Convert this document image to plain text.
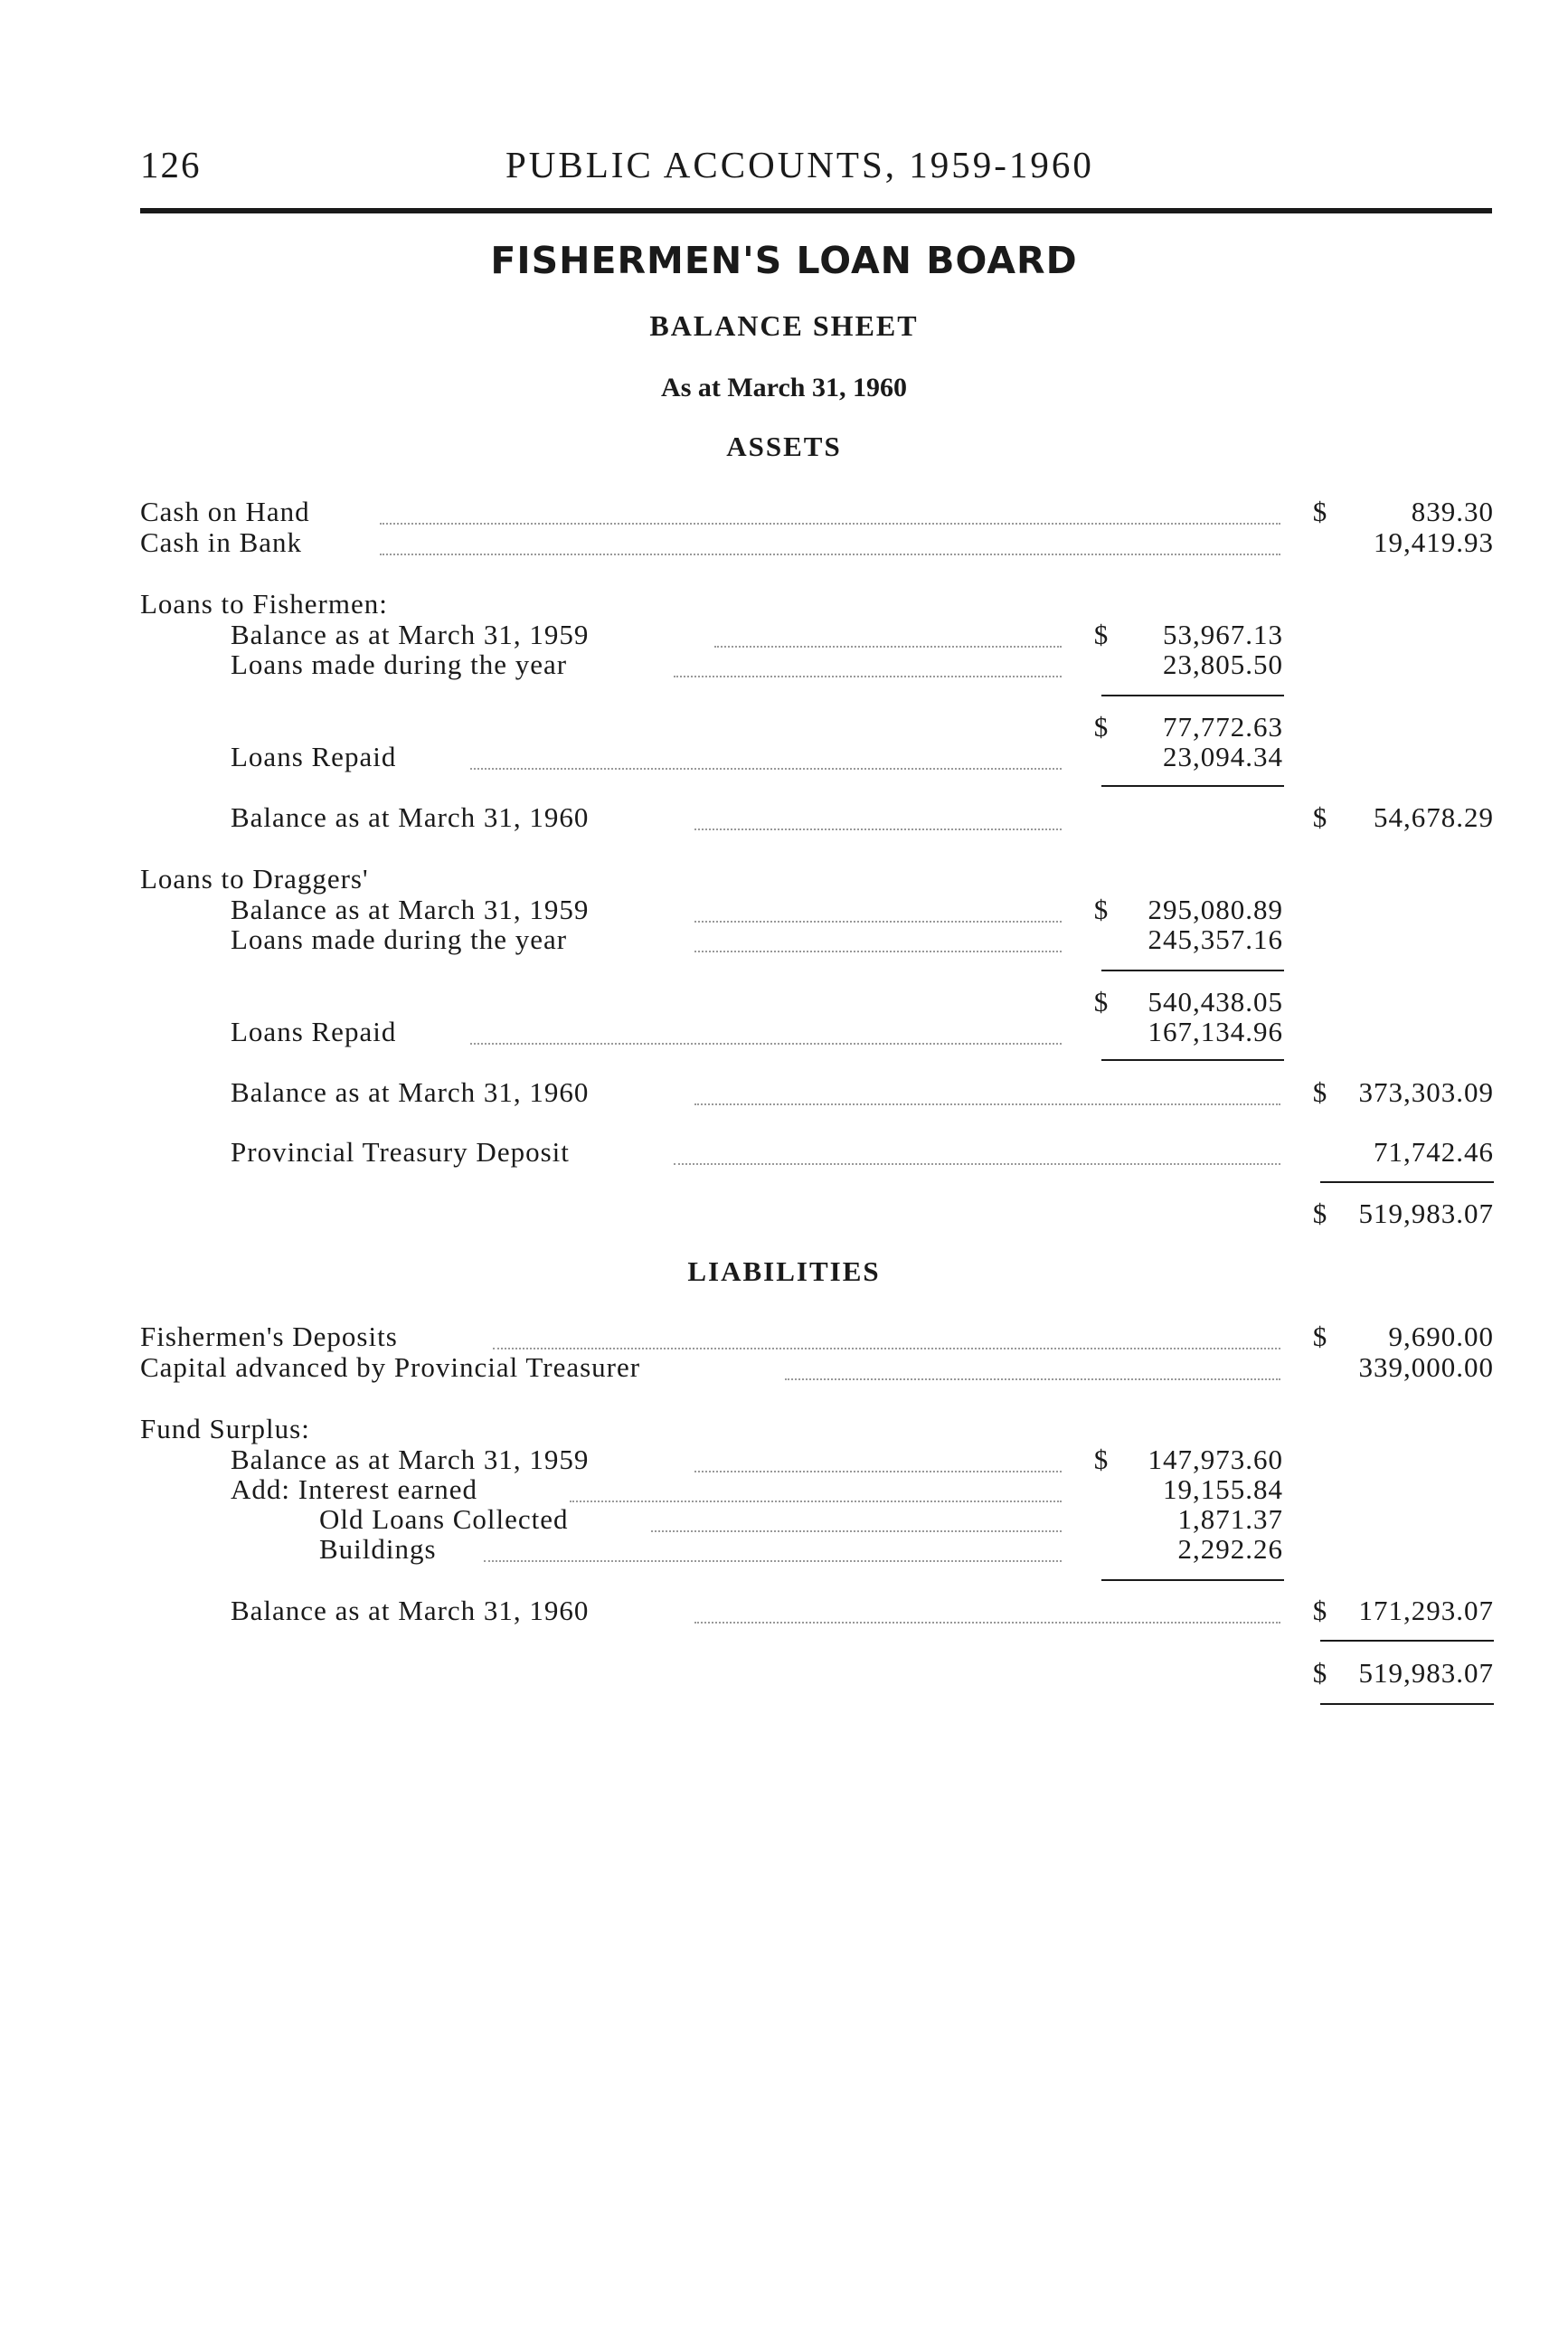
126	PUBLIC ACCOUNTS, 1959-1960
FISHERMEN'S LOAN BOARD
BALANCE SHEET
As at March 31, 1960
ASSETS
Cash on Hand	$	839.30
Cash in Bank	19,419.93
Loans to Fishermen:
Balance as at March 31, 1959	$ 53,967.13
Loans made during the year	23,805.50
$ 77,772.63
Loans Repaid	23,094.34
Balance as at March 31, 1960	$ 54,678.29
Loans to Draggers'
Balance as at March 31, 1959	$ 295,080.89
Loans made during the year	245,357.16
$ 540,438.05
Loans Repaid	167,134.96
Balance as at March 31, 1960	$ 373,303.09
Provincial Treasury Deposit	71,742.46
$ 519,983.07
LIABILITIES
Fishermen's Deposits	$ 9,690.00
Capital advanced by Provincial Treasurer	339,000.00
Fund Surplus:
Balance as at March 31, 1959	$ 147,973.60
Add: Interest earned	19,155.84
Old Loans Collected	1,871.37
Buildings	2,292.26
Balance as at March 31, 1960	$ 171,293.07
$ 519,983.07
